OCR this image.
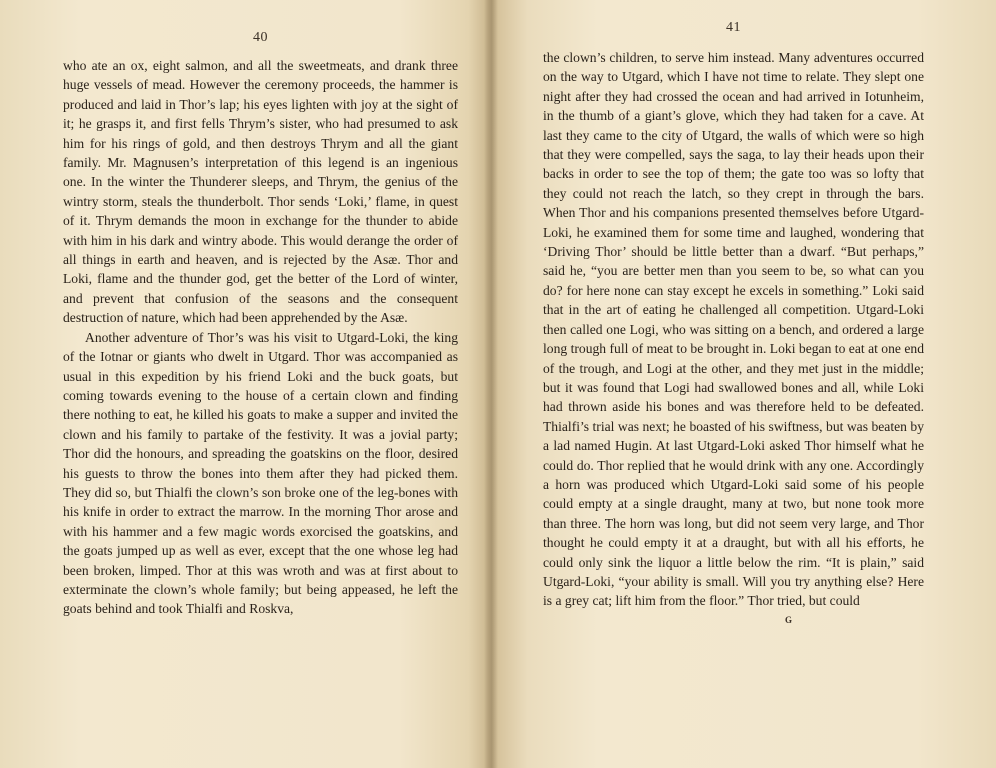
40

who ate an ox, eight salmon, and all the sweetmeats, and drank three huge vessels of mead. However the ceremony proceeds, the hammer is produced and laid in Thor’s lap; his eyes lighten with joy at the sight of it; he grasps it, and first fells Thrym’s sister, who had presumed to ask him for his rings of gold, and then destroys Thrym and all the giant family. Mr. Magnusen’s interpretation of this legend is an ingenious one. In the winter the Thunderer sleeps, and Thrym, the genius of the wintry storm, steals the thunderbolt. Thor sends ‘Loki,’ flame, in quest of it. Thrym demands the moon in exchange for the thunder to abide with him in his dark and wintry abode. This would derange the order of all things in earth and heaven, and is rejected by the Asæ. Thor and Loki, flame and the thunder god, get the better of the Lord of winter, and prevent that confusion of the seasons and the consequent destruction of nature, which had been apprehended by the Asæ.

Another adventure of Thor’s was his visit to Utgard-Loki, the king of the Iotnar or giants who dwelt in Utgard. Thor was accompanied as usual in this expedition by his friend Loki and the buck goats, but coming towards evening to the house of a certain clown and finding there nothing to eat, he killed his goats to make a supper and invited the clown and his family to partake of the festivity. It was a jovial party; Thor did the honours, and spreading the goatskins on the floor, desired his guests to throw the bones into them after they had picked them. They did so, but Thialfi the clown’s son broke one of the leg-bones with his knife in order to extract the marrow. In the morning Thor arose and with his hammer and a few magic words exorcised the goatskins, and the goats jumped up as well as ever, except that the one whose leg had been broken, limped. Thor at this was wroth and was at first about to exterminate the clown’s whole family; but being appeased, he left the goats behind and took Thialfi and Roskva,

41

the clown’s children, to serve him instead. Many adventures occurred on the way to Utgard, which I have not time to relate. They slept one night after they had crossed the ocean and had arrived in Iotunheim, in the thumb of a giant’s glove, which they had taken for a cave. At last they came to the city of Utgard, the walls of which were so high that they were compelled, says the saga, to lay their heads upon their backs in order to see the top of them; the gate too was so lofty that they could not reach the latch, so they crept in through the bars. When Thor and his companions presented themselves before Utgard-Loki, he examined them for some time and laughed, wondering that ‘Driving Thor’ should be little better than a dwarf. “But perhaps,” said he, “you are better men than you seem to be, so what can you do? for here none can stay except he excels in something.” Loki said that in the art of eating he challenged all competition. Utgard-Loki then called one Logi, who was sitting on a bench, and ordered a large long trough full of meat to be brought in. Loki began to eat at one end of the trough, and Logi at the other, and they met just in the middle; but it was found that Logi had swallowed bones and all, while Loki had thrown aside his bones and was therefore held to be defeated. Thialfi’s trial was next; he boasted of his swiftness, but was beaten by a lad named Hugin. At last Utgard-Loki asked Thor himself what he could do. Thor replied that he would drink with any one. Accordingly a horn was produced which Utgard-Loki said some of his people could empty at a single draught, many at two, but none took more than three. The horn was long, but did not seem very large, and Thor thought he could empty it at a draught, but with all his efforts, he could only sink the liquor a little below the rim. “It is plain,” said Utgard-Loki, “your ability is small. Will you try anything else? Here is a grey cat; lift him from the floor.” Thor tried, but could

G
